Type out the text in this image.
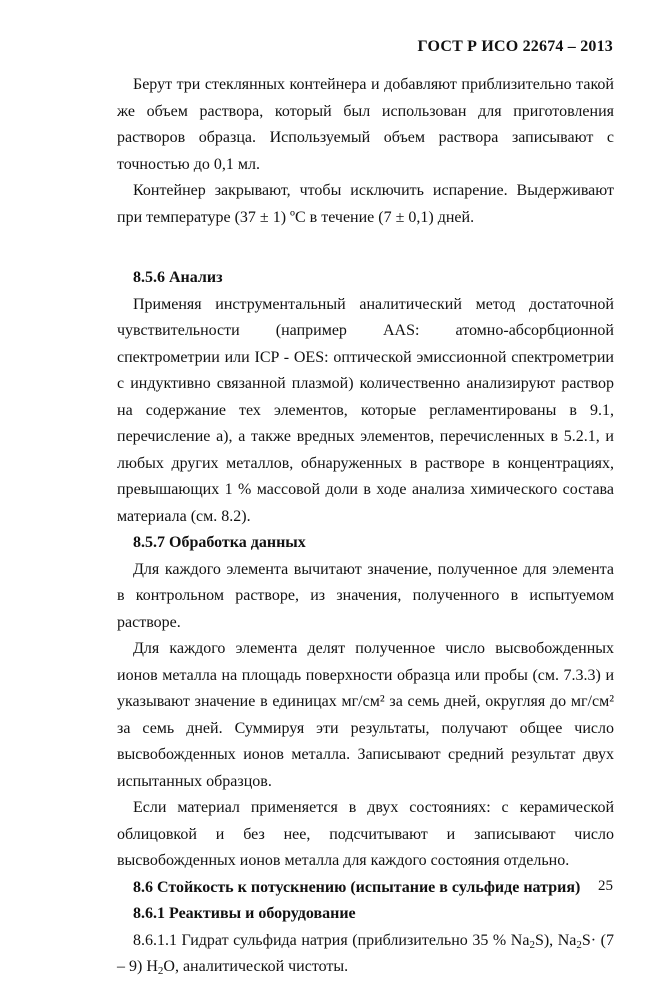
ГОСТ Р ИСО 22674 – 2013

Берут три стеклянных контейнера и добавляют приблизительно такой же объем раствора, который был использован для приготовления растворов образца. Используемый объем раствора записывают с точностью до 0,1 мл.

Контейнер закрывают, чтобы исключить испарение. Выдерживают при температуре (37 ± 1) ºС в течение (7 ± 0,1) дней.

8.5.6 Анализ

Применяя инструментальный аналитический метод достаточной чувствительности (например AAS: атомно-абсорбционной спектрометрии или ICP - OES: оптической эмиссионной спектрометрии с индуктивно связанной плазмой) количественно анализируют раствор на содержание тех элементов, которые регламентированы в 9.1, перечисление а), а также вредных элементов, перечисленных в 5.2.1, и любых других металлов, обнаруженных в растворе в концентрациях, превышающих 1 % массовой доли в ходе анализа химического состава материала (см. 8.2).

8.5.7 Обработка данных

Для каждого элемента вычитают значение, полученное для элемента в контрольном растворе, из значения, полученного в испытуемом растворе.

Для каждого элемента делят полученное число высвобожденных ионов металла на площадь поверхности образца или пробы (см. 7.3.3) и указывают значение в единицах мг/см² за семь дней, округляя до мг/см² за семь дней. Суммируя эти результаты, получают общее число высвобожденных ионов металла. Записывают средний результат двух испытанных образцов.

Если материал применяется в двух состояниях: с керамической облицовкой и без нее, подсчитывают и записывают число высвобожденных ионов металла для каждого состояния отдельно.

8.6 Стойкость к потускнению (испытание в сульфиде натрия)

8.6.1 Реактивы и оборудование

8.6.1.1 Гидрат сульфида натрия (приблизительно 35 % $Na_2S$), $Na_2S\cdot (7 - 9)$ $H_2O$, аналитической чистоты.

25
